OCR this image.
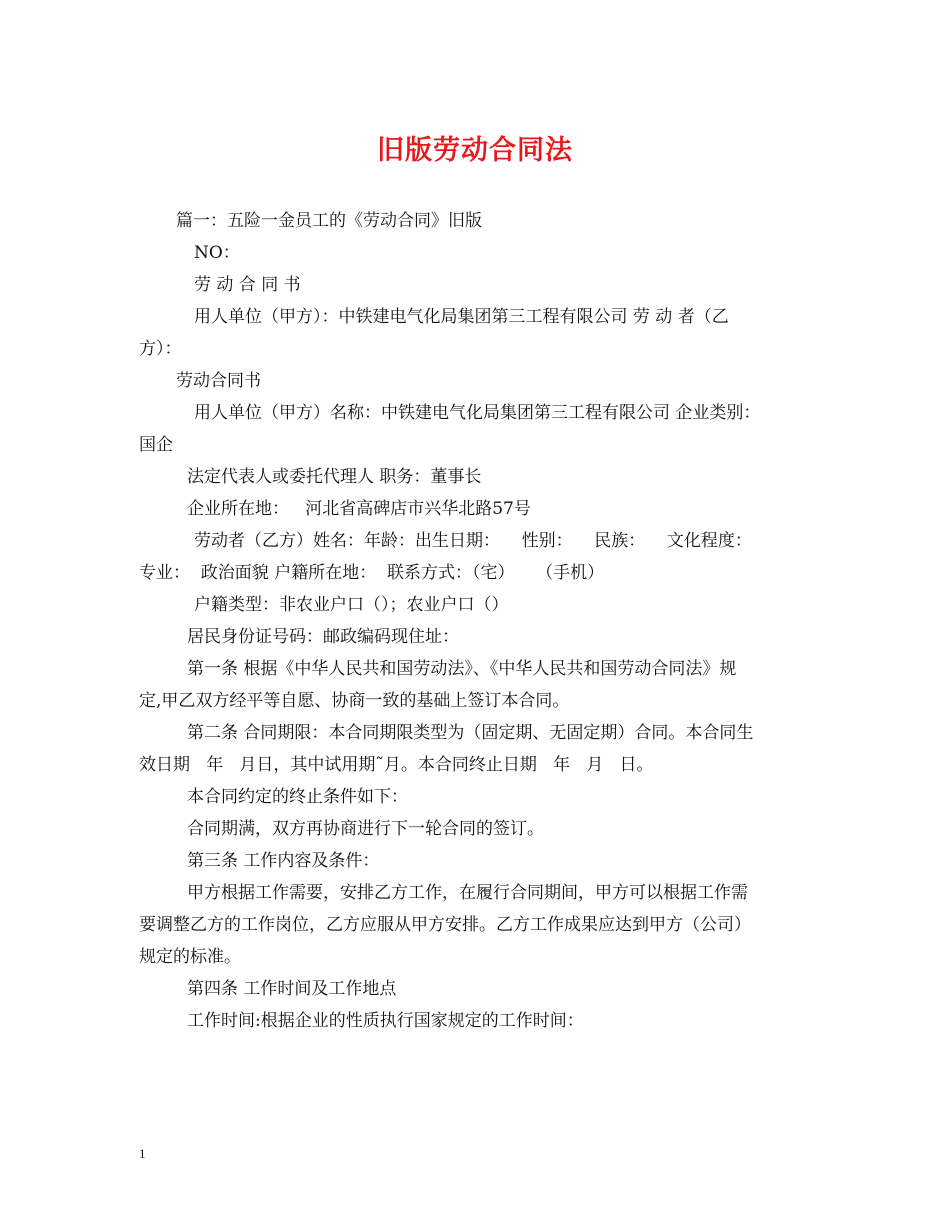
旧版劳动合同法
篇一：五险一金员工的《劳动合同》旧版
NO：
劳 动 合 同 书
用人单位（甲方）：中铁建电气化局集团第三工程有限公司 劳 动 者（乙
方）：
劳动合同书
用人单位（甲方）名称：中铁建电气化局集团第三工程有限公司 企业类别：
国企
法定代表人或委托代理人 职务：董事长
企业所在地：   河北省高碑店市兴华北路57号
劳动者（乙方）姓名：年龄：出生日期：    性别：    民族：    文化程度：
专业：  政治面貌 户籍所在地：  联系方式：（宅）    （手机）
户籍类型：非农业户口（）；农业户口（）
居民身份证号码：邮政编码现住址：
第一条 根据《中华人民共和国劳动法》、《中华人民共和国劳动合同法》规
定,甲乙双方经平等自愿、协商一致的基础上签订本合同。
第二条 合同期限：本合同期限类型为（固定期、无固定期）合同。本合同生
效日期   年   月日，其中试用期˜月。本合同终止日期   年   月   日。
本合同约定的终止条件如下：
合同期满，双方再协商进行下一轮合同的签订。
第三条 工作内容及条件：
甲方根据工作需要，安排乙方工作，在履行合同期间，甲方可以根据工作需
要调整乙方的工作岗位，乙方应服从甲方安排。乙方工作成果应达到甲方（公司）
规定的标准。
第四条 工作时间及工作地点
工作时间:根据企业的性质执行国家规定的工作时间：
1
